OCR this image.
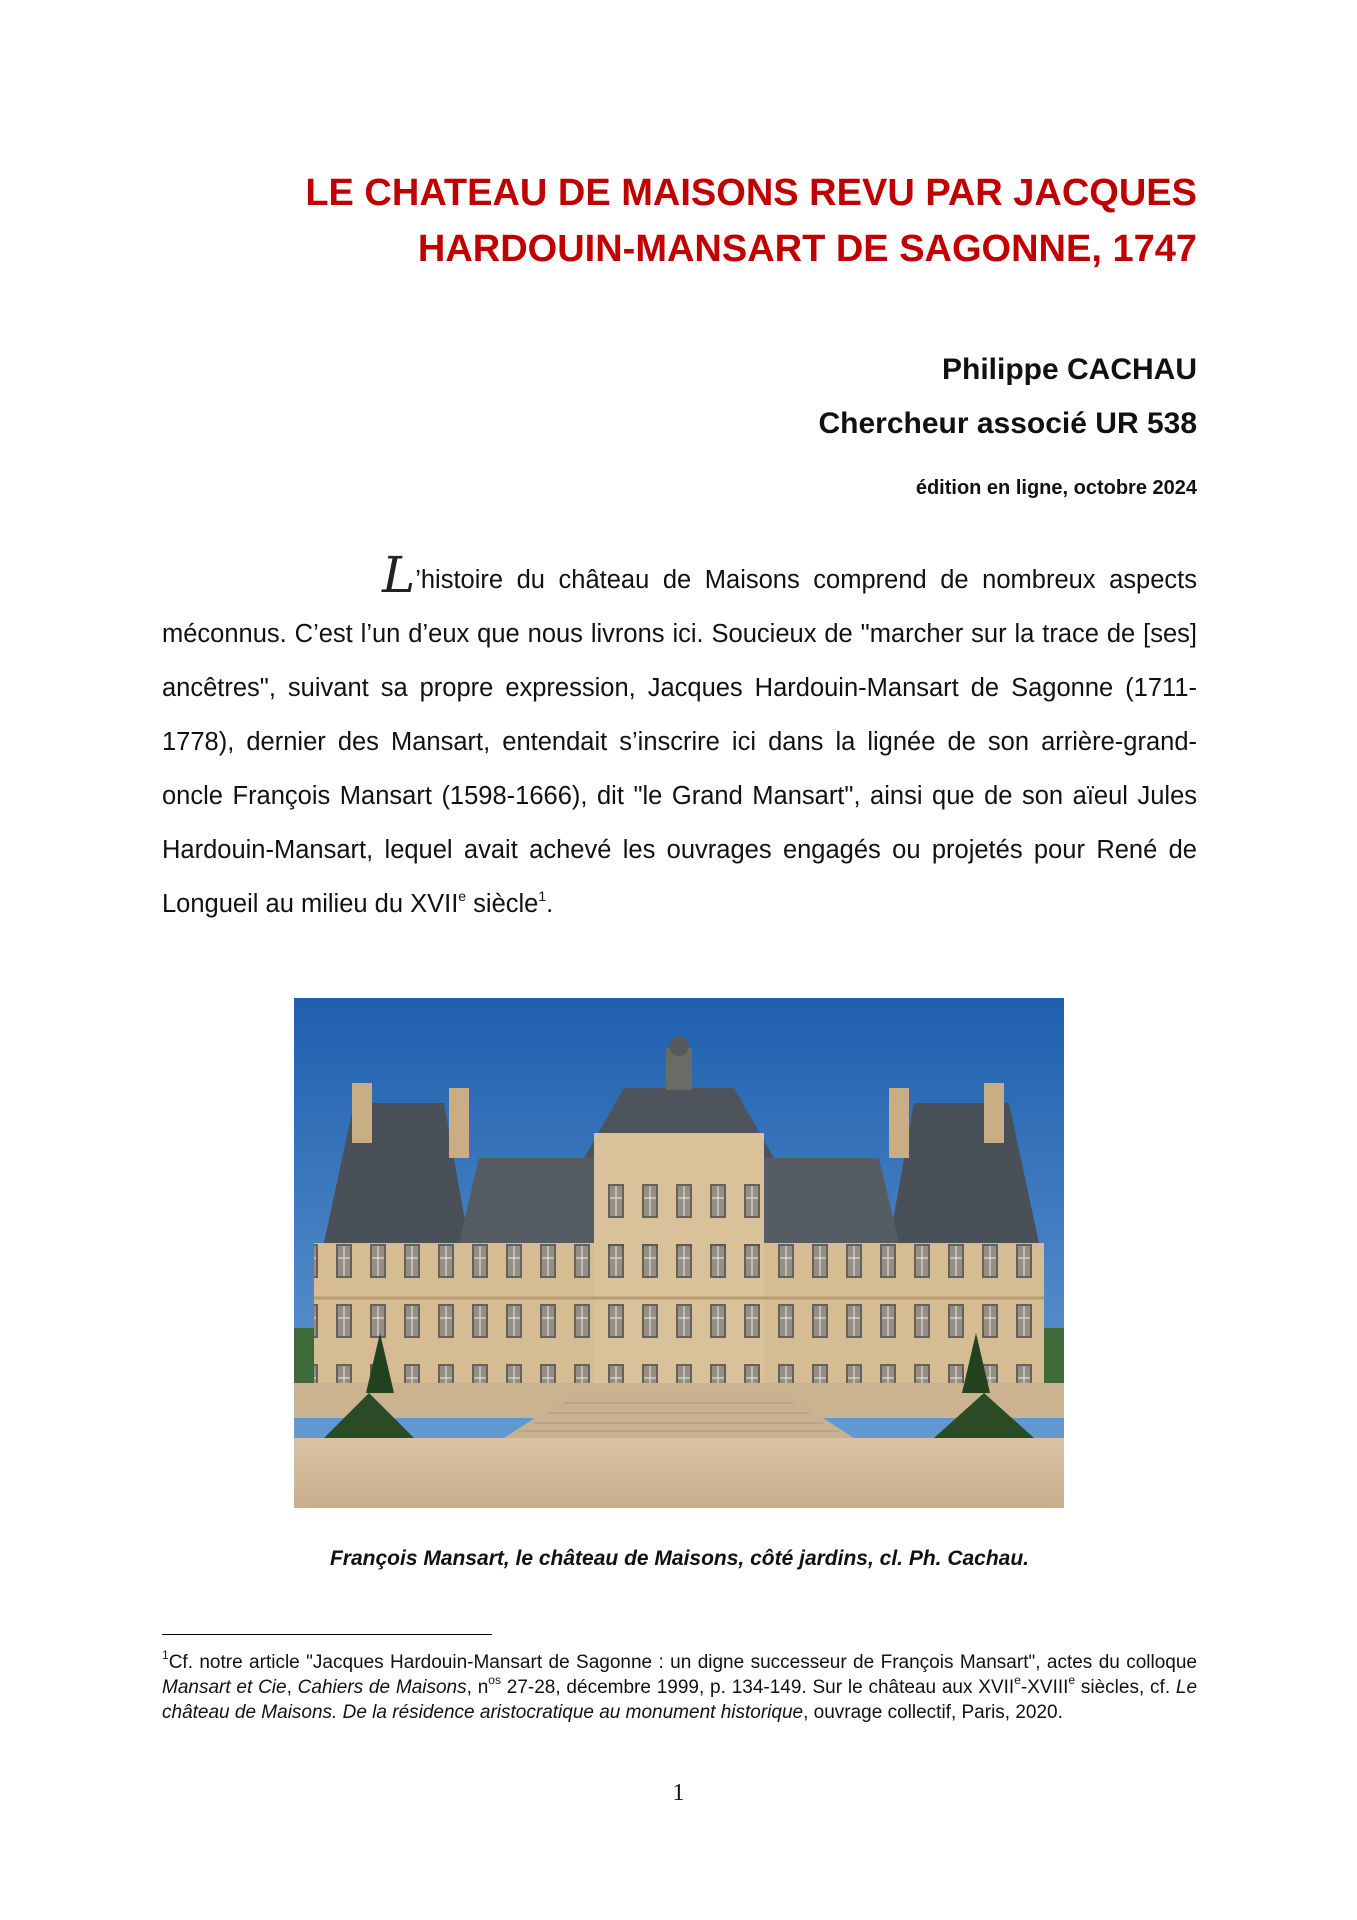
LE CHATEAU DE MAISONS REVU PAR JACQUES
HARDOUIN-MANSART DE SAGONNE, 1747
Philippe CACHAU
Chercheur associé UR 538
édition en ligne, octobre 2024

L’histoire du château de Maisons comprend de nombreux aspects méconnus. C’est l’un d’eux que nous livrons ici. Soucieux de "marcher sur la trace de [ses] ancêtres", suivant sa propre expression, Jacques Hardouin-Mansart de Sagonne (1711-1778), dernier des Mansart, entendait s’inscrire ici dans la lignée de son arrière-grand-oncle François Mansart (1598-1666), dit "le Grand Mansart", ainsi que de son aïeul Jules Hardouin-Mansart, lequel avait achevé les ouvrages engagés ou projetés pour René de Longueil au milieu du XVIIe siècle$^1$.

François Mansart, le château de Maisons, côté jardins, cl. Ph. Cachau.

$^1$Cf. notre article "Jacques Hardouin-Mansart de Sagonne : un digne successeur de François Mansart", actes du colloque Mansart et Cie, Cahiers de Maisons, $n^{os}$ 27-28, décembre 1999, p. 134-149. Sur le château aux XVIIe-XVIIIe siècles, cf. Le château de Maisons. De la résidence aristocratique au monument historique, ouvrage collectif, Paris, 2020.

1
